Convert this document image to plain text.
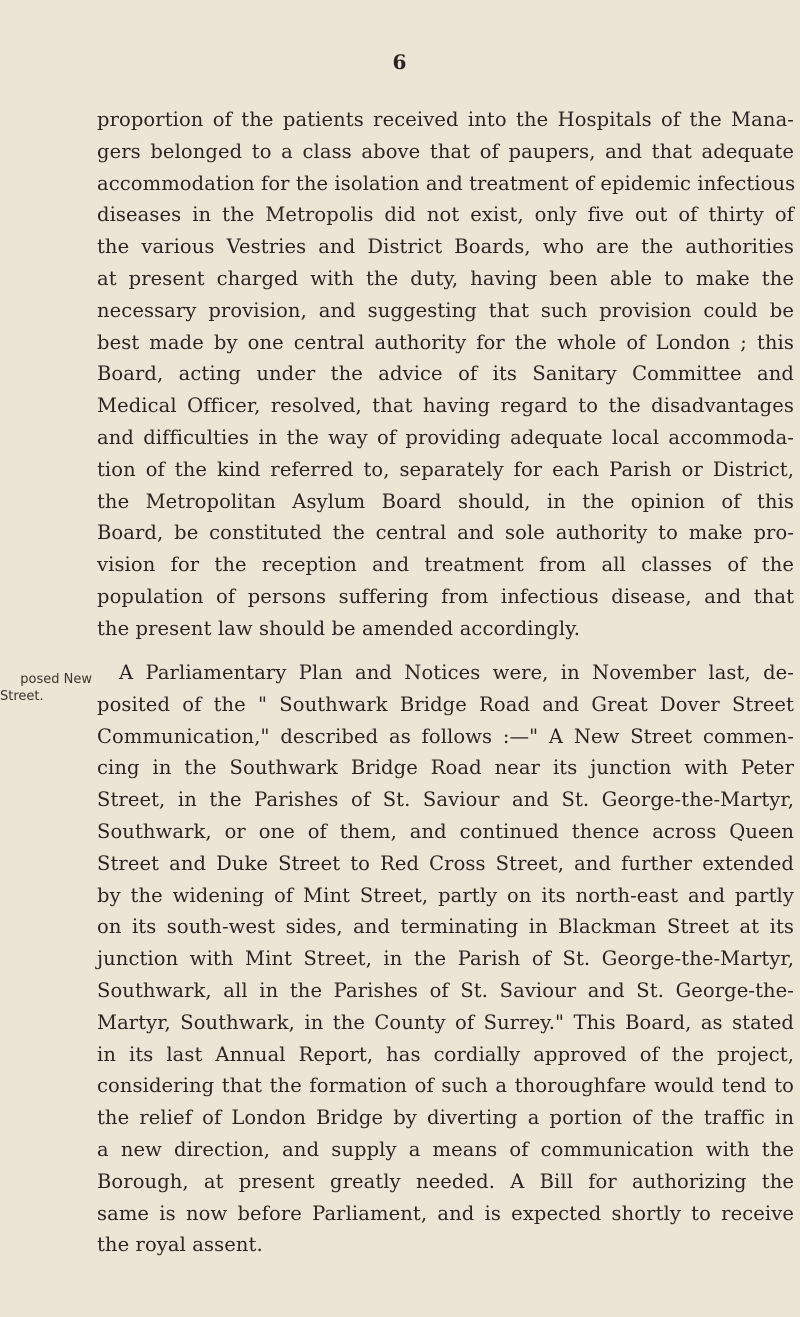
6
posed New
Street.
proportion of the patients received into the Hospitals of the Mana-
gers belonged to a class above that of paupers, and that adequate
accommodation for the isolation and treatment of epidemic infectious
diseases in the Metropolis did not exist, only five out of thirty of
the various Vestries and District Boards, who are the authorities
at present charged with the duty, having been able to make the
necessary provision, and suggesting that such provision could be
best made by one central authority for the whole of London ; this
Board, acting under the advice of its Sanitary Committee and
Medical Officer, resolved, that having regard to the disadvantages
and difficulties in the way of providing adequate local accommoda-
tion of the kind referred to, separately for each Parish or District,
the Metropolitan Asylum Board should, in the opinion of this
Board, be constituted the central and sole authority to make pro-
vision for the reception and treatment from all classes of the
population of persons suffering from infectious disease, and that
the present law should be amended accordingly.
A Parliamentary Plan and Notices were, in November last, de-
posited of the " Southwark Bridge Road and Great Dover Street
Communication," described as follows :—" A New Street commen-
cing in the Southwark Bridge Road near its junction with Peter
Street, in the Parishes of St. Saviour and St. George-the-Martyr,
Southwark, or one of them, and continued thence across Queen
Street and Duke Street to Red Cross Street, and further extended
by the widening of Mint Street, partly on its north-east and partly
on its south-west sides, and terminating in Blackman Street at its
junction with Mint Street, in the Parish of St. George-the-Martyr,
Southwark, all in the Parishes of St. Saviour and St. George-the-
Martyr, Southwark, in the County of Surrey." This Board, as stated
in its last Annual Report, has cordially approved of the project,
considering that the formation of such a thoroughfare would tend to
the relief of London Bridge by diverting a portion of the traffic in
a new direction, and supply a means of communication with the
Borough, at present greatly needed. A Bill for authorizing the
same is now before Parliament, and is expected shortly to receive
the royal assent.
